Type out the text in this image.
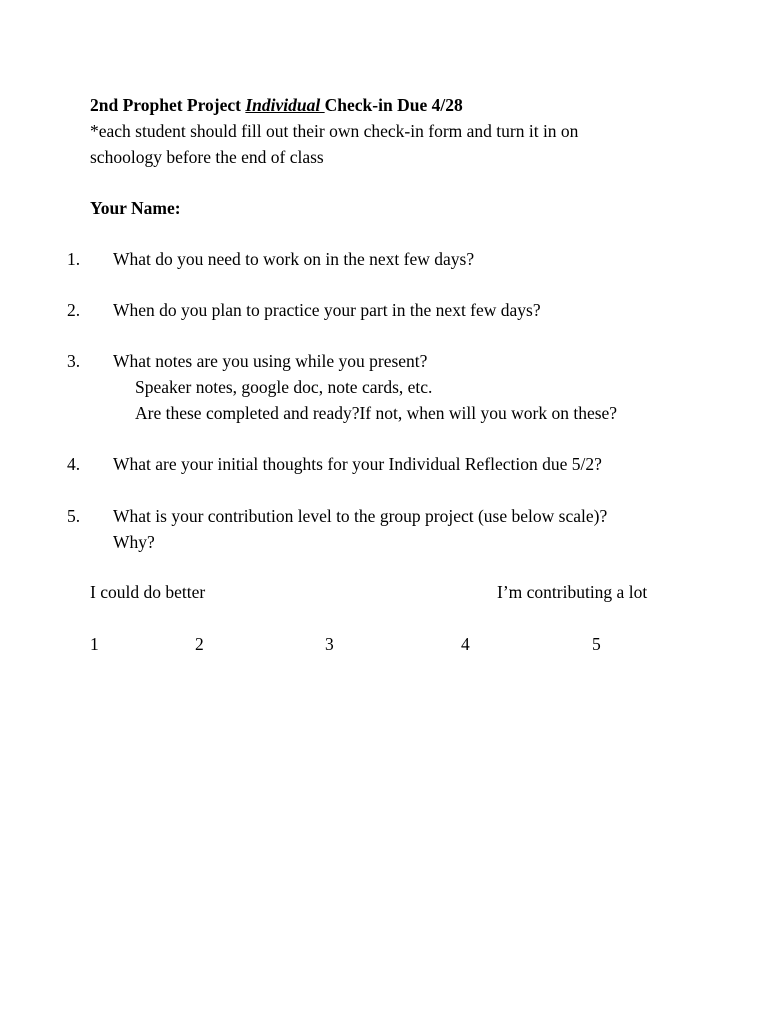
2nd Prophet Project Individual Check-in Due 4/28
*each student should fill out their own check-in form and turn it in on
schoology before the end of class
Your Name:
1. What do you need to work on in the next few days?
2. When do you plan to practice your part in the next few days?
3. What notes are you using while you present?
Speaker notes, google doc, note cards, etc.
Are these completed and ready?If not, when will you work on these?
4. What are your initial thoughts for your Individual Reflection due 5/2?
5. What is your contribution level to the group project (use below scale)?
Why?
I could do better	I’m contributing a lot
1	2	3	4	5
